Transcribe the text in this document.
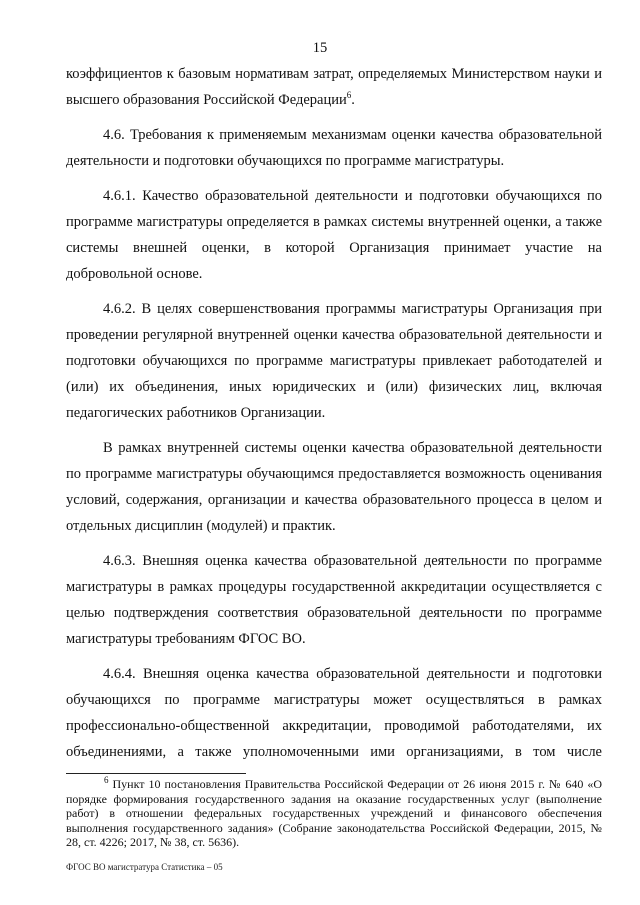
15

коэффициентов к базовым нормативам затрат, определяемых Министерством науки и высшего образования Российской Федерации$^6$.

4.6. Требования к применяемым механизмам оценки качества образовательной деятельности и подготовки обучающихся по программе магистратуры.

4.6.1. Качество образовательной деятельности и подготовки обучающихся по программе магистратуры определяется в рамках системы внутренней оценки, а также системы внешней оценки, в которой Организация принимает участие на добровольной основе.

4.6.2. В целях совершенствования программы магистратуры Организация при проведении регулярной внутренней оценки качества образовательной деятельности и подготовки обучающихся по программе магистратуры привлекает работодателей и (или) их объединения, иных юридических и (или) физических лиц, включая педагогических работников Организации.

В рамках внутренней системы оценки качества образовательной деятельности по программе магистратуры обучающимся предоставляется возможность оценивания условий, содержания, организации и качества образовательного процесса в целом и отдельных дисциплин (модулей) и практик.

4.6.3. Внешняя оценка качества образовательной деятельности по программе магистратуры в рамках процедуры государственной аккредитации осуществляется с целью подтверждения соответствия образовательной деятельности по программе магистратуры требованиям ФГОС ВО.

4.6.4. Внешняя оценка качества образовательной деятельности и подготовки обучающихся по программе магистратуры может осуществляться в рамках профессионально-общественной аккредитации, проводимой работодателями, их объединениями, а также уполномоченными ими организациями, в том числе

$^6$ Пункт 10 постановления Правительства Российской Федерации от 26 июня 2015 г. № 640 «О порядке формирования государственного задания на оказание государственных услуг (выполнение работ) в отношении федеральных государственных учреждений и финансового обеспечения выполнения государственного задания» (Собрание законодательства Российской Федерации, 2015, № 28, ст. 4226; 2017, № 38, ст. 5636).
ФГОС ВО магистратура Статистика – 05
